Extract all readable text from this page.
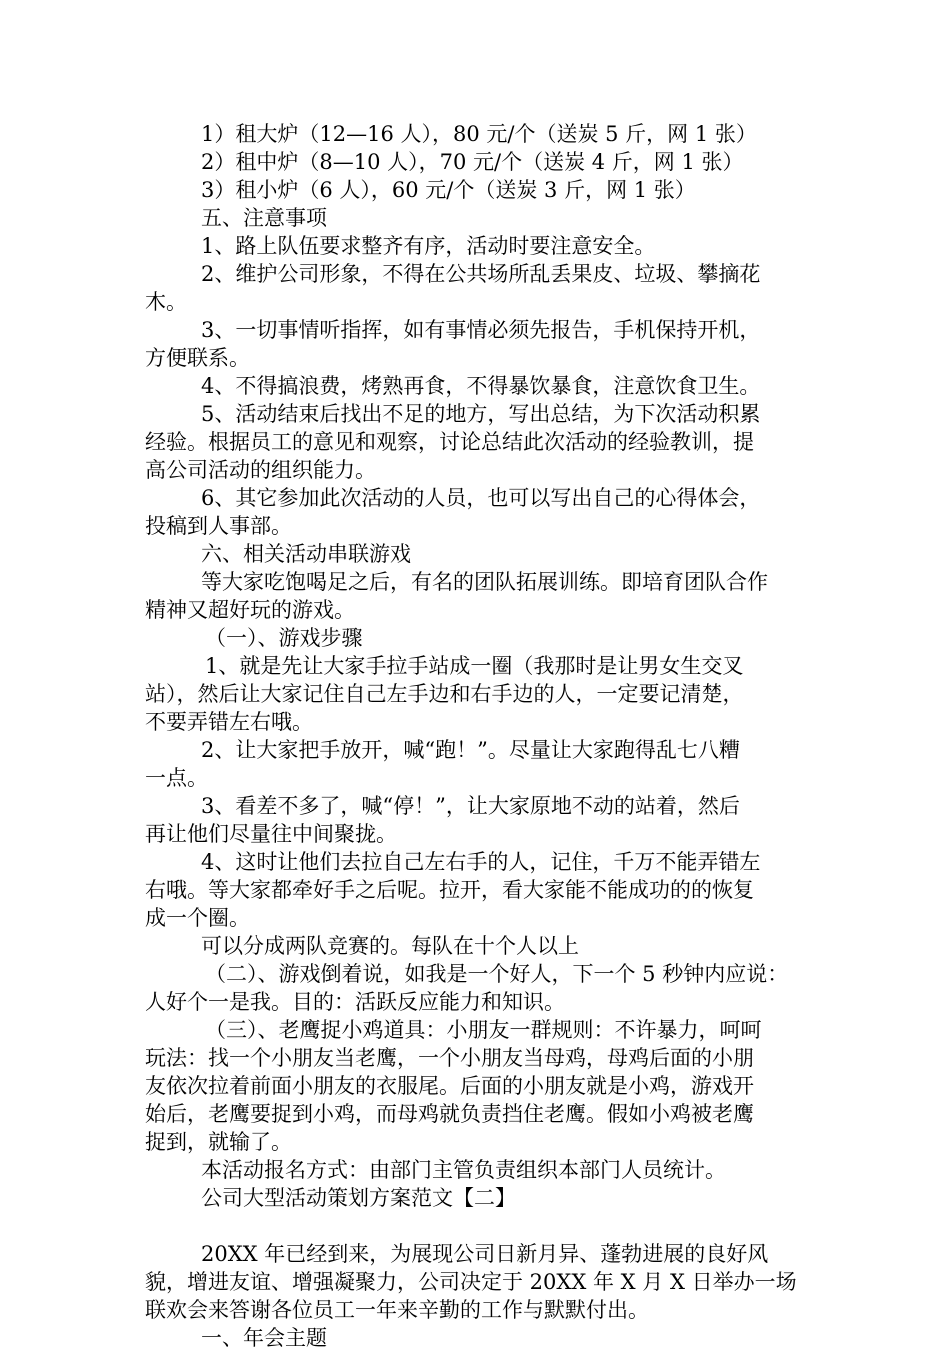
1）租大炉（12—16 人），80 元/个（送炭 5 斤，网 1 张）

2）租中炉（8—10 人），70 元/个（送炭 4 斤，网 1 张）

3）租小炉（6 人），60 元/个（送炭 3 斤，网 1 张）

五、注意事项

1、路上队伍要求整齐有序，活动时要注意安全。

2、维护公司形象，不得在公共场所乱丢果皮、垃圾、攀摘花

木。

3、一切事情听指挥，如有事情必须先报告，手机保持开机，

方便联系。

4、不得搞浪费，烤熟再食，不得暴饮暴食，注意饮食卫生。

5、活动结束后找出不足的地方，写出总结，为下次活动积累

经验。根据员工的意见和观察，讨论总结此次活动的经验教训，提

高公司活动的组织能力。

6、其它参加此次活动的人员，也可以写出自己的心得体会，

投稿到人事部。

六、相关活动串联游戏

等大家吃饱喝足之后，有名的团队拓展训练。即培育团队合作

精神又超好玩的游戏。

（一）、游戏步骤

1、就是先让大家手拉手站成一圈（我那时是让男女生交叉

站），然后让大家记住自己左手边和右手边的人，一定要记清楚，

不要弄错左右哦。

2、让大家把手放开，喊“跑！”。尽量让大家跑得乱七八糟

一点。

3、看差不多了，喊“停！”，让大家原地不动的站着，然后

再让他们尽量往中间聚拢。

4、这时让他们去拉自己左右手的人，记住，千万不能弄错左

右哦。等大家都牵好手之后呢。拉开，看大家能不能成功的的恢复

成一个圈。

可以分成两队竞赛的。每队在十个人以上

（二）、游戏倒着说，如我是一个好人，下一个 5 秒钟内应说：

人好个一是我。目的：活跃反应能力和知识。

（三）、老鹰捉小鸡道具：小朋友一群规则：不许暴力，呵呵

玩法：找一个小朋友当老鹰，一个小朋友当母鸡，母鸡后面的小朋

友依次拉着前面小朋友的衣服尾。后面的小朋友就是小鸡，游戏开

始后，老鹰要捉到小鸡，而母鸡就负责挡住老鹰。假如小鸡被老鹰

捉到，就输了。

本活动报名方式：由部门主管负责组织本部门人员统计。

公司大型活动策划方案范文【二】

20XX 年已经到来，为展现公司日新月异、蓬勃进展的良好风

貌，增进友谊、增强凝聚力，公司决定于 20XX 年 X 月 X 日举办一场

联欢会来答谢各位员工一年来辛勤的工作与默默付出。

一、年会主题
